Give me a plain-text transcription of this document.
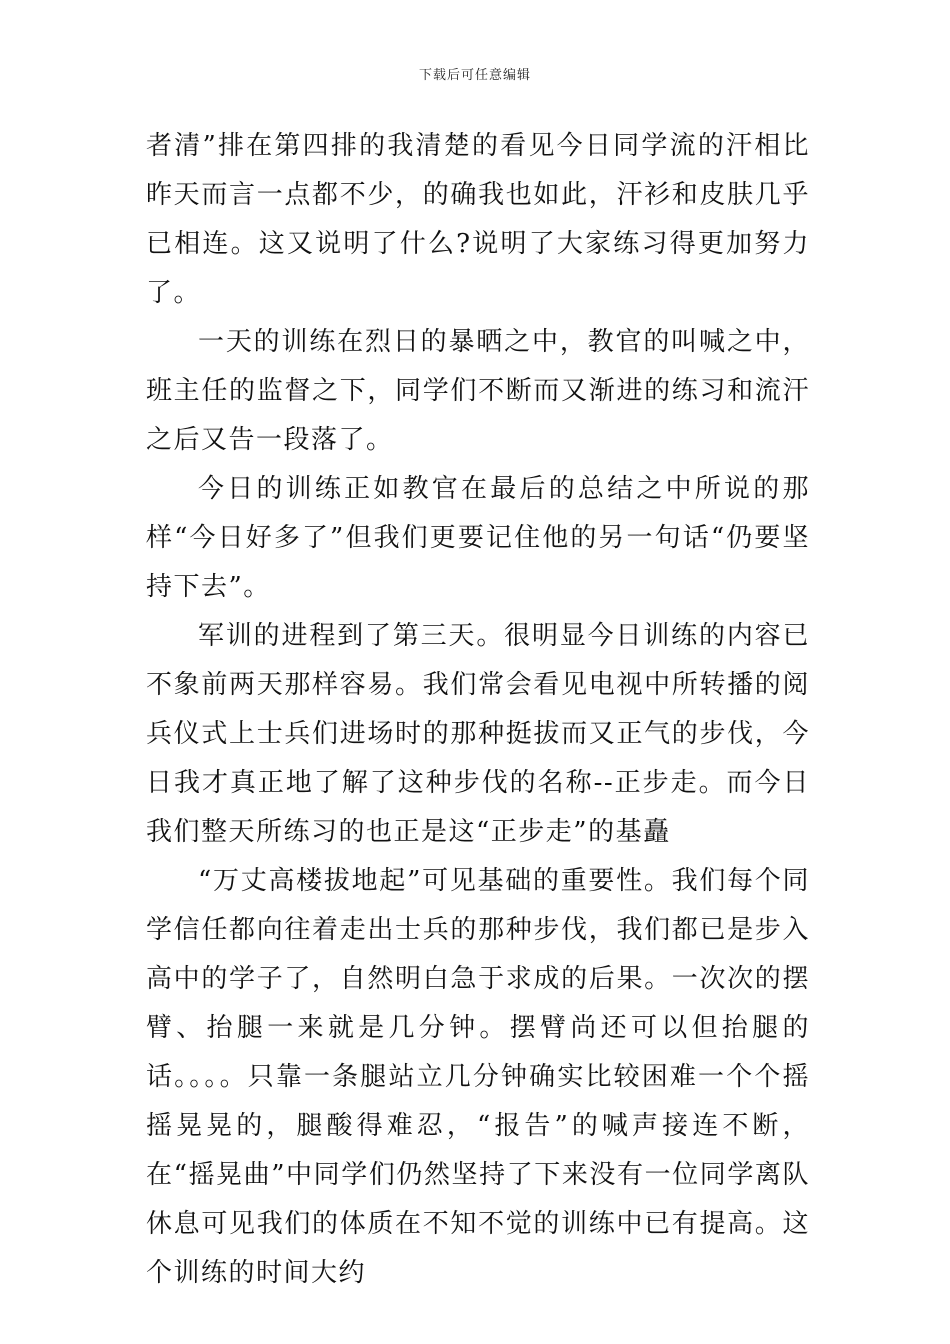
下载后可任意编辑

者清”排在第四排的我清楚的看见今日同学流的汗相比昨天而言一点都不少，的确我也如此，汗衫和皮肤几乎已相连。这又说明了什么?说明了大家练习得更加努力了。

一天的训练在烈日的暴晒之中，教官的叫喊之中，班主任的监督之下，同学们不断而又渐进的练习和流汗之后又告一段落了。

今日的训练正如教官在最后的总结之中所说的那样“今日好多了”但我们更要记住他的另一句话“仍要坚持下去”。

军训的进程到了第三天。很明显今日训练的内容已不象前两天那样容易。我们常会看见电视中所转播的阅兵仪式上士兵们进场时的那种挺拔而又正气的步伐，今日我才真正地了解了这种步伐的名称--正步走。而今日我们整天所练习的也正是这“正步走”的基矗

“万丈高楼拔地起”可见基础的重要性。我们每个同学信任都向往着走出士兵的那种步伐，我们都已是步入高中的学子了，自然明白急于求成的后果。一次次的摆臂、抬腿一来就是几分钟。摆臂尚还可以但抬腿的话。。。。只靠一条腿站立几分钟确实比较困难一个个摇摇晃晃的，腿酸得难忍，“报告”的喊声接连不断，在“摇晃曲”中同学们仍然坚持了下来没有一位同学离队休息可见我们的体质在不知不觉的训练中已有提高。这个训练的时间大约
